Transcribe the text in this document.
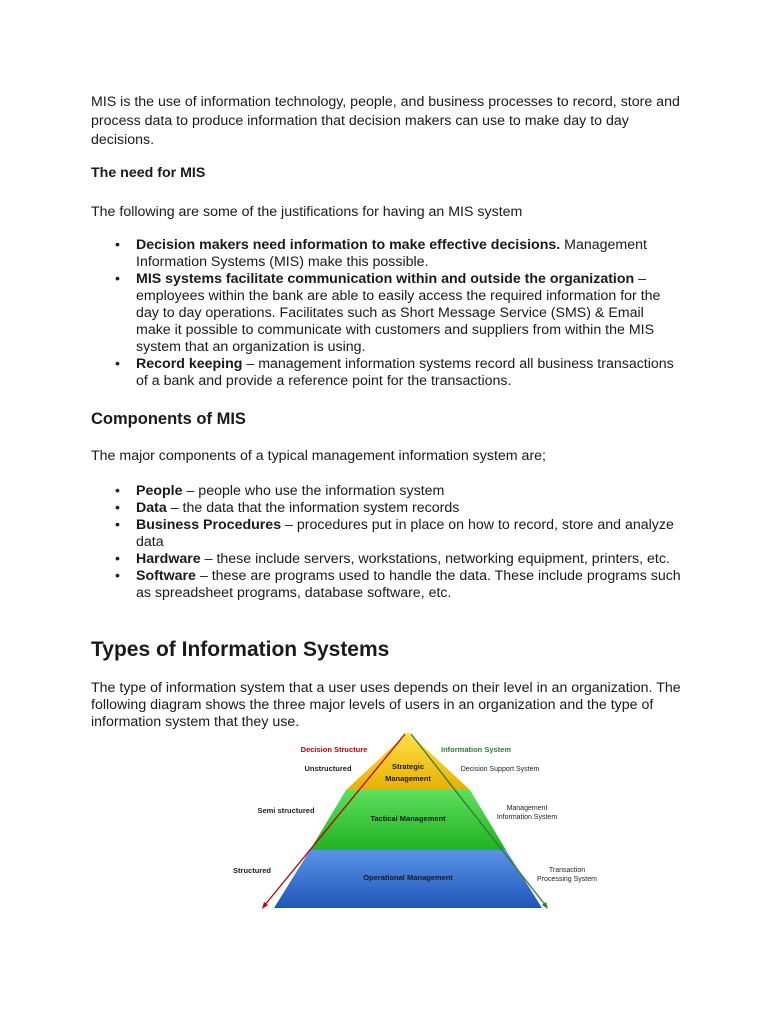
MIS is the use of information technology, people, and business processes to record, store and process data to produce information that decision makers can use to make day to day decisions.

The need for MIS

The following are some of the justifications for having an MIS system

• Decision makers need information to make effective decisions. Management Information Systems (MIS) make this possible.
• MIS systems facilitate communication within and outside the organization – employees within the bank are able to easily access the required information for the day to day operations. Facilitates such as Short Message Service (SMS) & Email make it possible to communicate with customers and suppliers from within the MIS system that an organization is using.
• Record keeping – management information systems record all business transactions of a bank and provide a reference point for the transactions.

Components of MIS

The major components of a typical management information system are;

• People – people who use the information system
• Data – the data that the information system records
• Business Procedures – procedures put in place on how to record, store and analyze data
• Hardware – these include servers, workstations, networking equipment, printers, etc.
• Software – these are programs used to handle the data. These include programs such as spreadsheet programs, database software, etc.

Types of Information Systems

The type of information system that a user uses depends on their level in an organization. The following diagram shows the three major levels of users in an organization and the type of information system that they use.

Decision Structure	Information System
Unstructured
Semi structured
Structured
Decision Support System
Management
Information System
Transaction
Processing System
Strategic
Management
Tactical Management
Operational Management
